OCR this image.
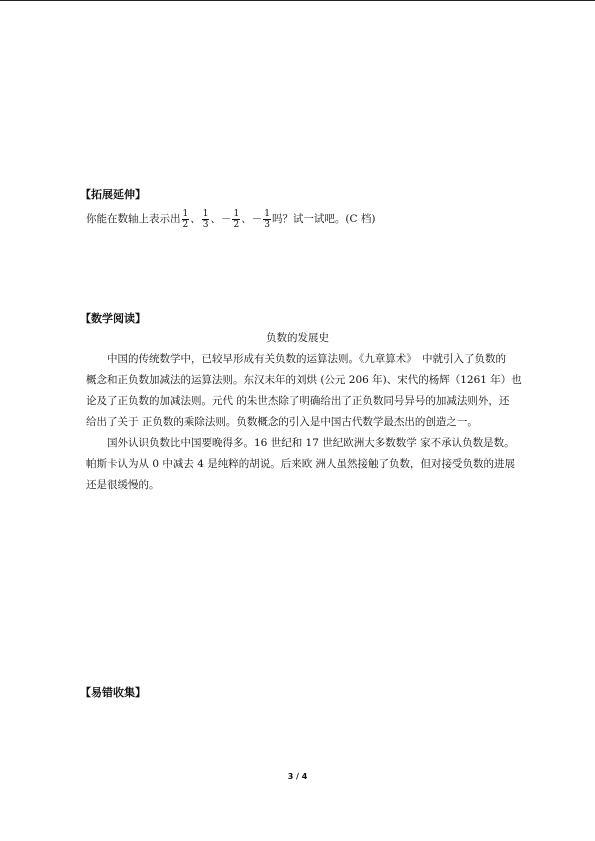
【拓展延伸】
你能在数轴上表示出 $\frac{1}{2}$ 、 $\frac{1}{3}$ 、 － $\frac{1}{2}$ 、 － $\frac{1}{3}$ 吗？试一试吧。(C 档)
【数学阅读】
负数的发展史
中国的传统数学中，已较早形成有关负数的运算法则。《九章算术》　中就引入了负数的
概念和正负数加减法的运算法则。东汉末年的刘烘 (公元 206 年)、宋代的杨辉（1261 年）也
论及了正负数的加减法则。元代 的朱世杰除了明确给出了正负数同号异号的加减法则外，还
给出了关于 正负数的乘除法则。负数概念的引入是中国古代数学最杰出的创造之一。
国外认识负数比中国要晚得多。16 世纪和 17 世纪欧洲大多数数学 家不承认负数是数。
帕斯卡认为从 0 中减去 4 是纯粹的胡说。后来欧 洲人虽然接触了负数，但对接受负数的进展
还是很缓慢的。
【易错收集】
3 / 4
